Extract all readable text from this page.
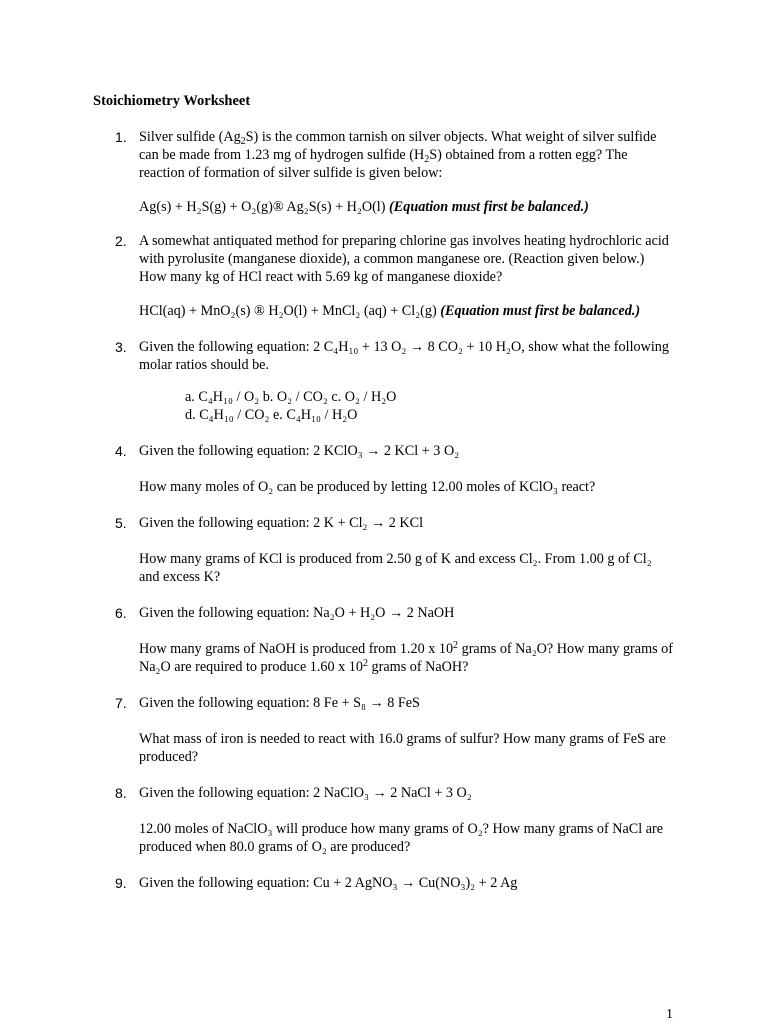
Stoichiometry Worksheet
1. Silver sulfide $(Ag_2S)$ is the common tarnish on silver objects. What weight of silver sulfide can be made from 1.23 mg of hydrogen sulfide $(H_2S)$ obtained from a rotten egg? The reaction of formation of silver sulfide is given below:
Ag(s) + H₂S(g) + O₂(g)® Ag₂S(s) + H₂O(l) (Equation must first be balanced.)
2. A somewhat antiquated method for preparing chlorine gas involves heating hydrochloric acid with pyrolusite (manganese dioxide), a common manganese ore. (Reaction given below.) How many kg of HCl react with 5.69 kg of manganese dioxide?
HCl(aq) + MnO₂(s) ® H₂O(l) + MnCl₂ (aq) + Cl₂(g) (Equation must first be balanced.)
3. Given the following equation: 2 C₄H₁₀ + 13 O₂ → 8 CO₂ + 10 H₂O, show what the following molar ratios should be.
a. C₄H₁₀ / O₂ b. O₂ / CO₂ c. O₂ / H₂O
d. C₄H₁₀ / CO₂ e. C₄H₁₀ / H₂O
4. Given the following equation: 2 KClO₃ → 2 KCl + 3 O₂
How many moles of O₂ can be produced by letting 12.00 moles of KClO₃ react?
5. Given the following equation: 2 K + Cl₂ → 2 KCl
How many grams of KCl is produced from 2.50 g of K and excess Cl₂. From 1.00 g of Cl₂ and excess K?
6. Given the following equation: Na₂O + H₂O → 2 NaOH
How many grams of NaOH is produced from 1.20 x $10^2$ grams of Na₂O? How many grams of Na₂O are required to produce 1.60 x $10^2$ grams of NaOH?
7. Given the following equation: 8 Fe + S₈ → 8 FeS
What mass of iron is needed to react with 16.0 grams of sulfur? How many grams of FeS are produced?
8. Given the following equation: 2 NaClO₃ → 2 NaCl + 3 O₂
12.00 moles of NaClO₃ will produce how many grams of O₂? How many grams of NaCl are produced when 80.0 grams of O₂ are produced?
9. Given the following equation: Cu + 2 AgNO₃ → Cu(NO₃)₂ + 2 Ag
1
